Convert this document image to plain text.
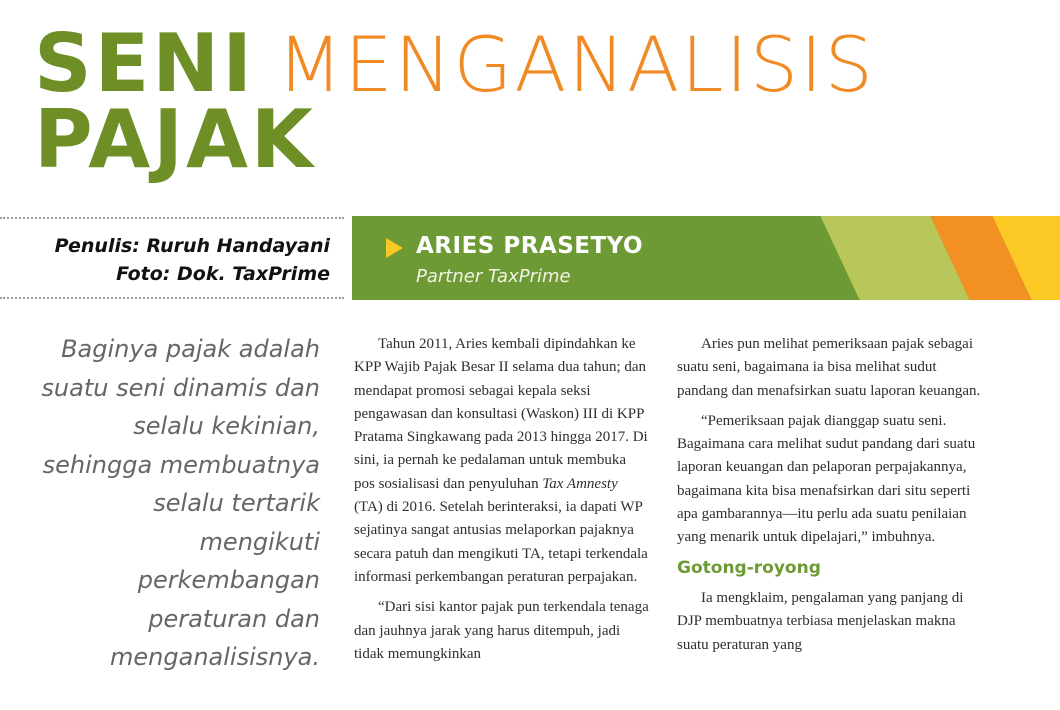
SENI MENGANALISIS
PAJAK
Penulis: Ruruh Handayani
Foto: Dok. TaxPrime
ARIES PRASETYO
Partner TaxPrime
Baginya pajak adalah suatu seni dinamis dan selalu kekinian, sehingga membuatnya selalu tertarik mengikuti perkembangan peraturan dan menganalisisnya.

Tahun 2011, Aries kembali dipindahkan ke KPP Wajib Pajak Besar II selama dua tahun; dan mendapat promosi sebagai kepala seksi pengawasan dan konsultasi (Waskon) III di KPP Pratama Singkawang pada 2013 hingga 2017. Di sini, ia pernah ke pedalaman untuk membuka pos sosialisasi dan penyuluhan Tax Amnesty (TA) di 2016. Setelah berinteraksi, ia dapati WP sejatinya sangat antusias melaporkan pajaknya secara patuh dan mengikuti TA, tetapi terkendala informasi perkembangan peraturan perpajakan.

“Dari sisi kantor pajak pun terkendala tenaga dan jauhnya jarak yang harus ditempuh, jadi tidak memungkinkan

Aries pun melihat pemeriksaan pajak sebagai suatu seni, bagaimana ia bisa melihat sudut pandang dan menafsirkan suatu laporan keuangan.

“Pemeriksaan pajak dianggap suatu seni. Bagaimana cara melihat sudut pandang dari suatu laporan keuangan dan pelaporan perpajakannya, bagaimana kita bisa menafsirkan dari situ seperti apa gambarannya—itu perlu ada suatu penilaian yang menarik untuk dipelajari,” imbuhnya.

Gotong-royong

Ia mengklaim, pengalaman yang panjang di DJP membuatnya terbiasa menjelaskan makna suatu peraturan yang
